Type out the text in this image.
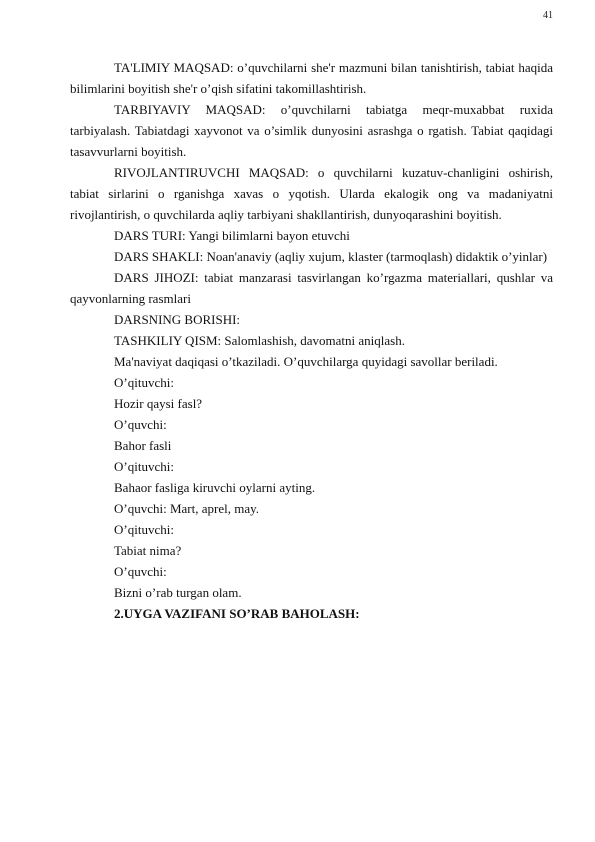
41

TA'LIMIY MAQSAD: o’quvchilarni she'r mazmuni bilan tanishtirish, tabiat haqida bilimlarini boyitish she'r o’qish sifatini takomillashtirish.

TARBIYAVIY MAQSAD: o’quvchilarni tabiatga meqr-muxabbat ruxida tarbiyalash. Tabiatdagi xayvonot va o’simlik dunyosini asrashga o rgatish. Tabiat qaqidagi tasavvurlarni boyitish.

RIVOJLANTIRUVCHI MAQSAD: o quvchilarni kuzatuv-chanligini oshirish, tabiat sirlarini o rganishga xavas o yqotish. Ularda ekalogik ong va madaniyatni rivojlantirish, o quvchilarda aqliy tarbiyani shakllantirish, dunyoqarashini boyitish.

DARS TURI: Yangi bilimlarni bayon etuvchi

DARS SHAKLI: Noan'anaviy (aqliy xujum, klaster (tarmoqlash) didaktik o’yinlar)

DARS JIHOZI: tabiat manzarasi tasvirlangan ko’rgazma materiallari, qushlar va qayvonlarning rasmlari

DARSNING BORISHI:

TASHKILIY QISM: Salomlashish, davomatni aniqlash.

Ma'naviyat daqiqasi o’tkaziladi. O’quvchilarga quyidagi savollar beriladi.

O’qituvchi:

Hozir qaysi fasl?

O’quvchi:

Bahor fasli

O’qituvchi:

Bahaor fasliga kiruvchi oylarni ayting.

O’quvchi: Mart, aprel, may.

O’qituvchi:

Tabiat nima?

O’quvchi:

Bizni o’rab turgan olam.

2.UYGA VAZIFANI SO’RAB BAHOLASH:
